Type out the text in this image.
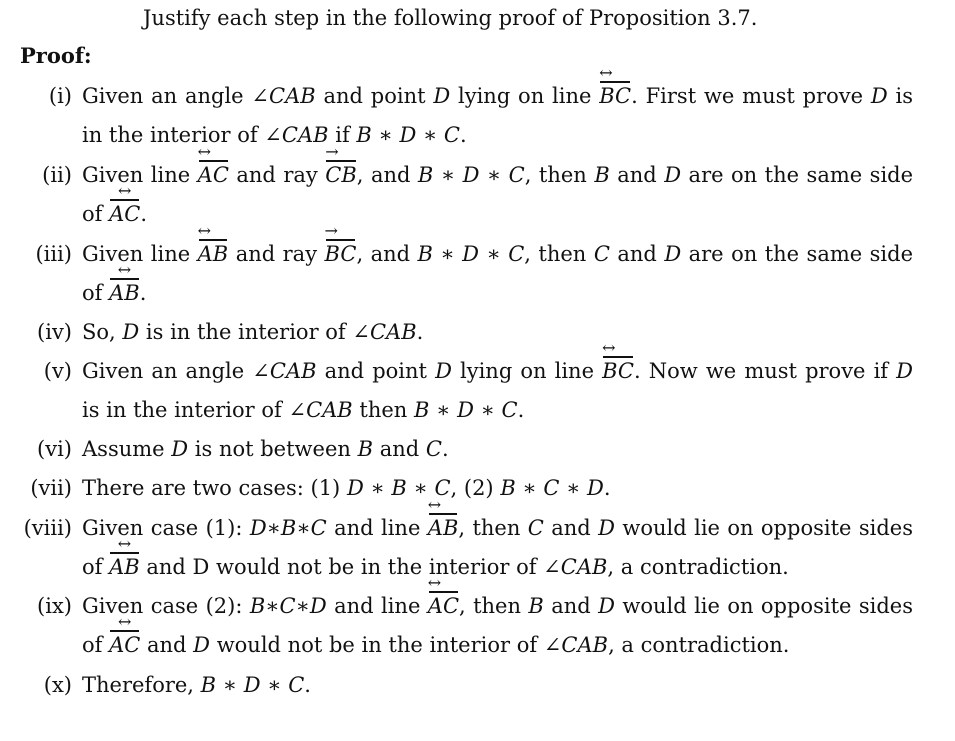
Justify each step in the following proof of Proposition 3.7.
Proof:
(i) Given an angle ∠CAB and point D lying on line BC ↔. First we must prove D is
in the interior of ∠CAB if B ∗ D ∗ C.
(ii) Given line AC ↔ and ray CB →, and B ∗ D ∗ C, then B and D are on the same side
of AC ↔.
(iii) Given line AB ↔ and ray BC →, and B ∗ D ∗ C, then C and D are on the same side
of AB ↔.
(iv) So, D is in the interior of ∠CAB.
(v) Given an angle ∠CAB and point D lying on line BC ↔. Now we must prove if D
is in the interior of ∠CAB then B ∗ D ∗ C.
(vi) Assume D is not between B and C.
(vii) There are two cases: (1) D ∗ B ∗ C, (2) B ∗ C ∗ D.
(viii) Given case (1): D∗B∗C and line AB ↔, then C and D would lie on opposite sides
of AB ↔ and D would not be in the interior of ∠CAB, a contradiction.
(ix) Given case (2): B∗C∗D and line AC ↔, then B and D would lie on opposite sides
of AC ↔ and D would not be in the interior of ∠CAB, a contradiction.
(x) Therefore, B ∗ D ∗ C.
